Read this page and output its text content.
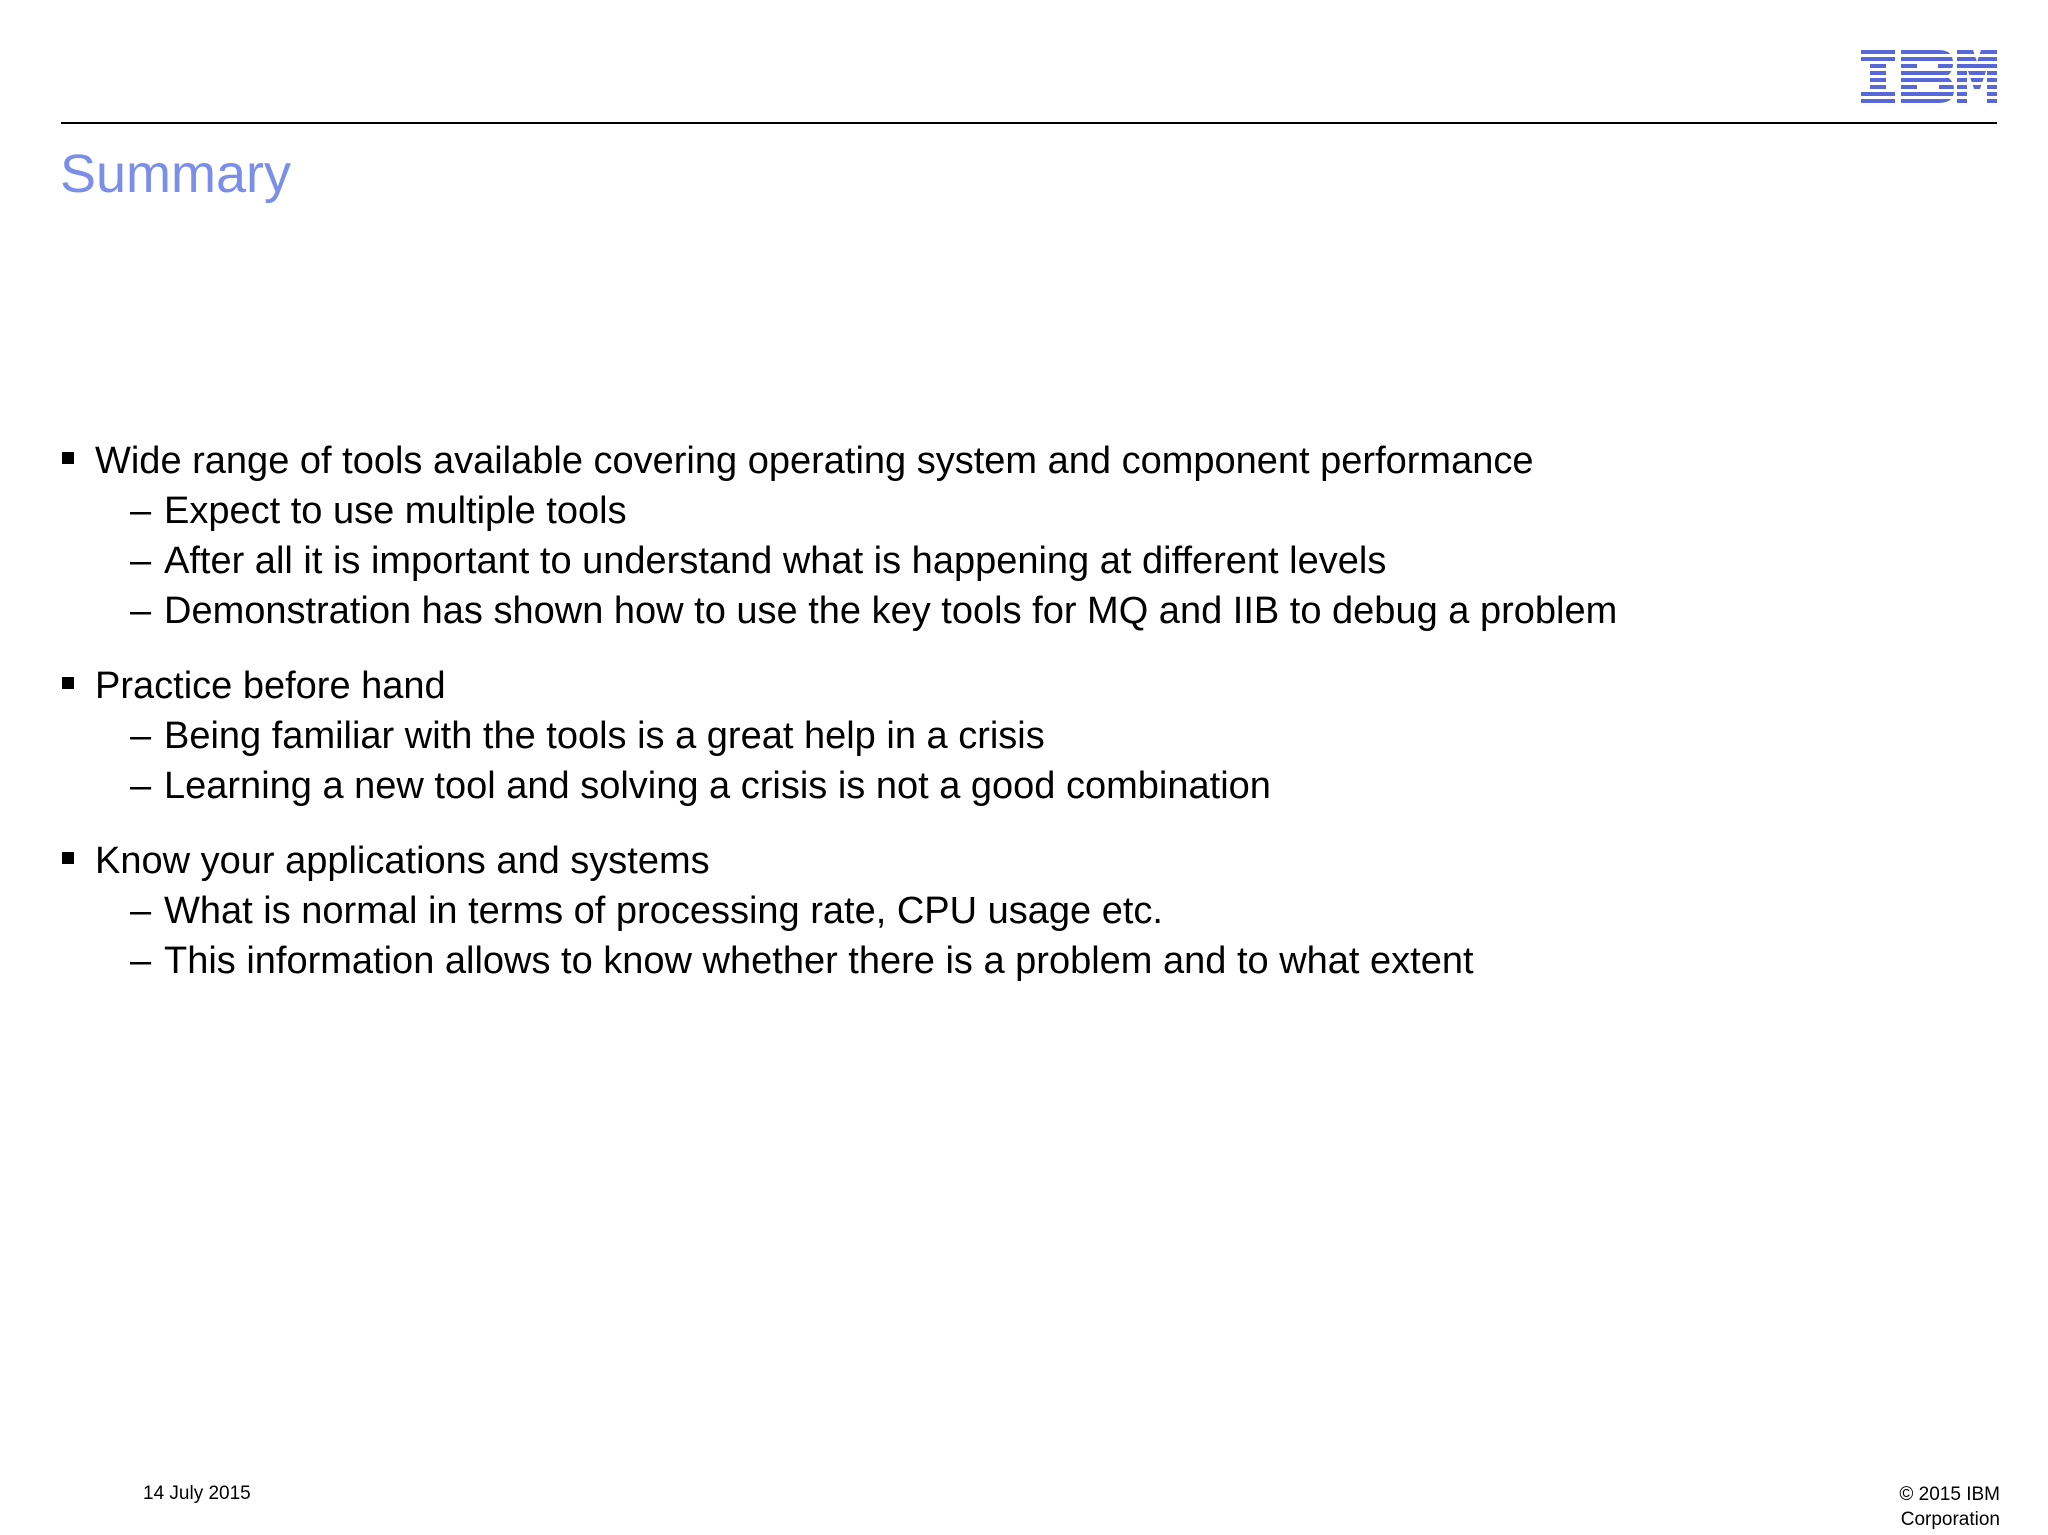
Summary
Wide range of tools available covering operating system and component performance
– Expect to use multiple tools
– After all it is important to understand what is happening at different levels
– Demonstration has shown how to use the key tools for MQ and IIB to debug a problem
Practice before hand
– Being familiar with the tools is a great help in a crisis
– Learning a new tool and solving a crisis is not a good combination
Know your applications and systems
– What is normal in terms of processing rate, CPU usage etc.
– This information allows to know whether there is a problem and to what extent
14 July 2015	© 2015 IBM
Corporation
